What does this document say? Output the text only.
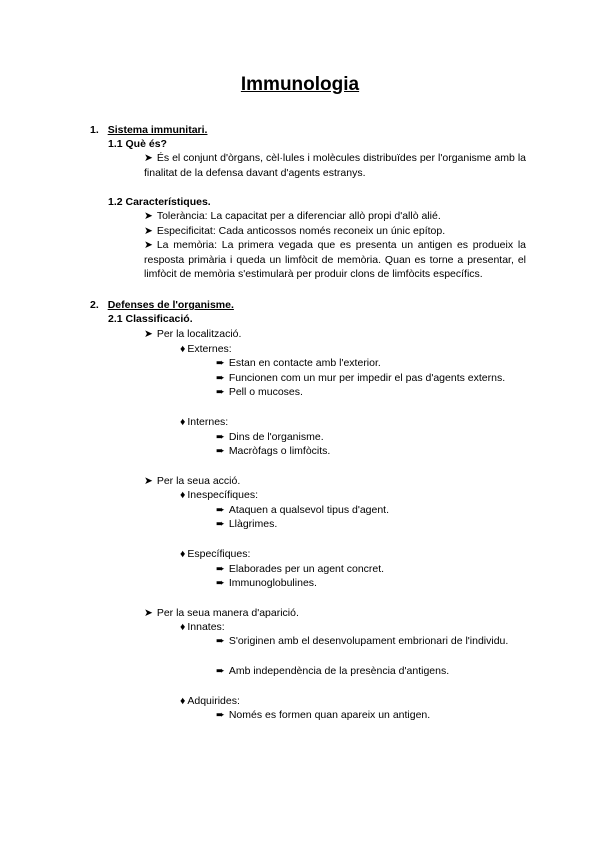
Immunologia
1. Sistema immunitari.
1.1 Què és?
➤ És el conjunt d'òrgans, cèl·lules i molècules distribuïdes per l'organisme amb la finalitat de la defensa davant d'agents estranys.
1.2 Característiques.
➤ Tolerància: La capacitat per a diferenciar allò propi d'allò alié.
➤ Especificitat: Cada anticossos només reconeix un únic epítop.
➤ La memòria: La primera vegada que es presenta un antigen es produeix la resposta primària i queda un limfòcit de memòria. Quan es torne a presentar, el limfòcit de memòria s'estimularà per produir clons de limfòcits específics.
2. Defenses de l'organisme.
2.1 Classificació.
➤ Per la localització.
♦ Externes:
➨ Estan en contacte amb l'exterior.
➨ Funcionen com un mur per impedir el pas d'agents externs.
➨ Pell o mucoses.
♦ Internes:
➨ Dins de l'organisme.
➨ Macròfags o limfòcits.
➤ Per la seua acció.
♦ Inespecífiques:
➨ Ataquen a qualsevol tipus d'agent.
➨ Llàgrimes.
♦ Específiques:
➨ Elaborades per un agent concret.
➨ Immunoglobulines.
➤ Per la seua manera d'aparició.
♦ Innates:
➨ S'originen amb el desenvolupament embrionari de l'individu.
➨ Amb independència de la presència d'antigens.
♦ Adquirides:
➨ Només es formen quan apareix un antigen.
